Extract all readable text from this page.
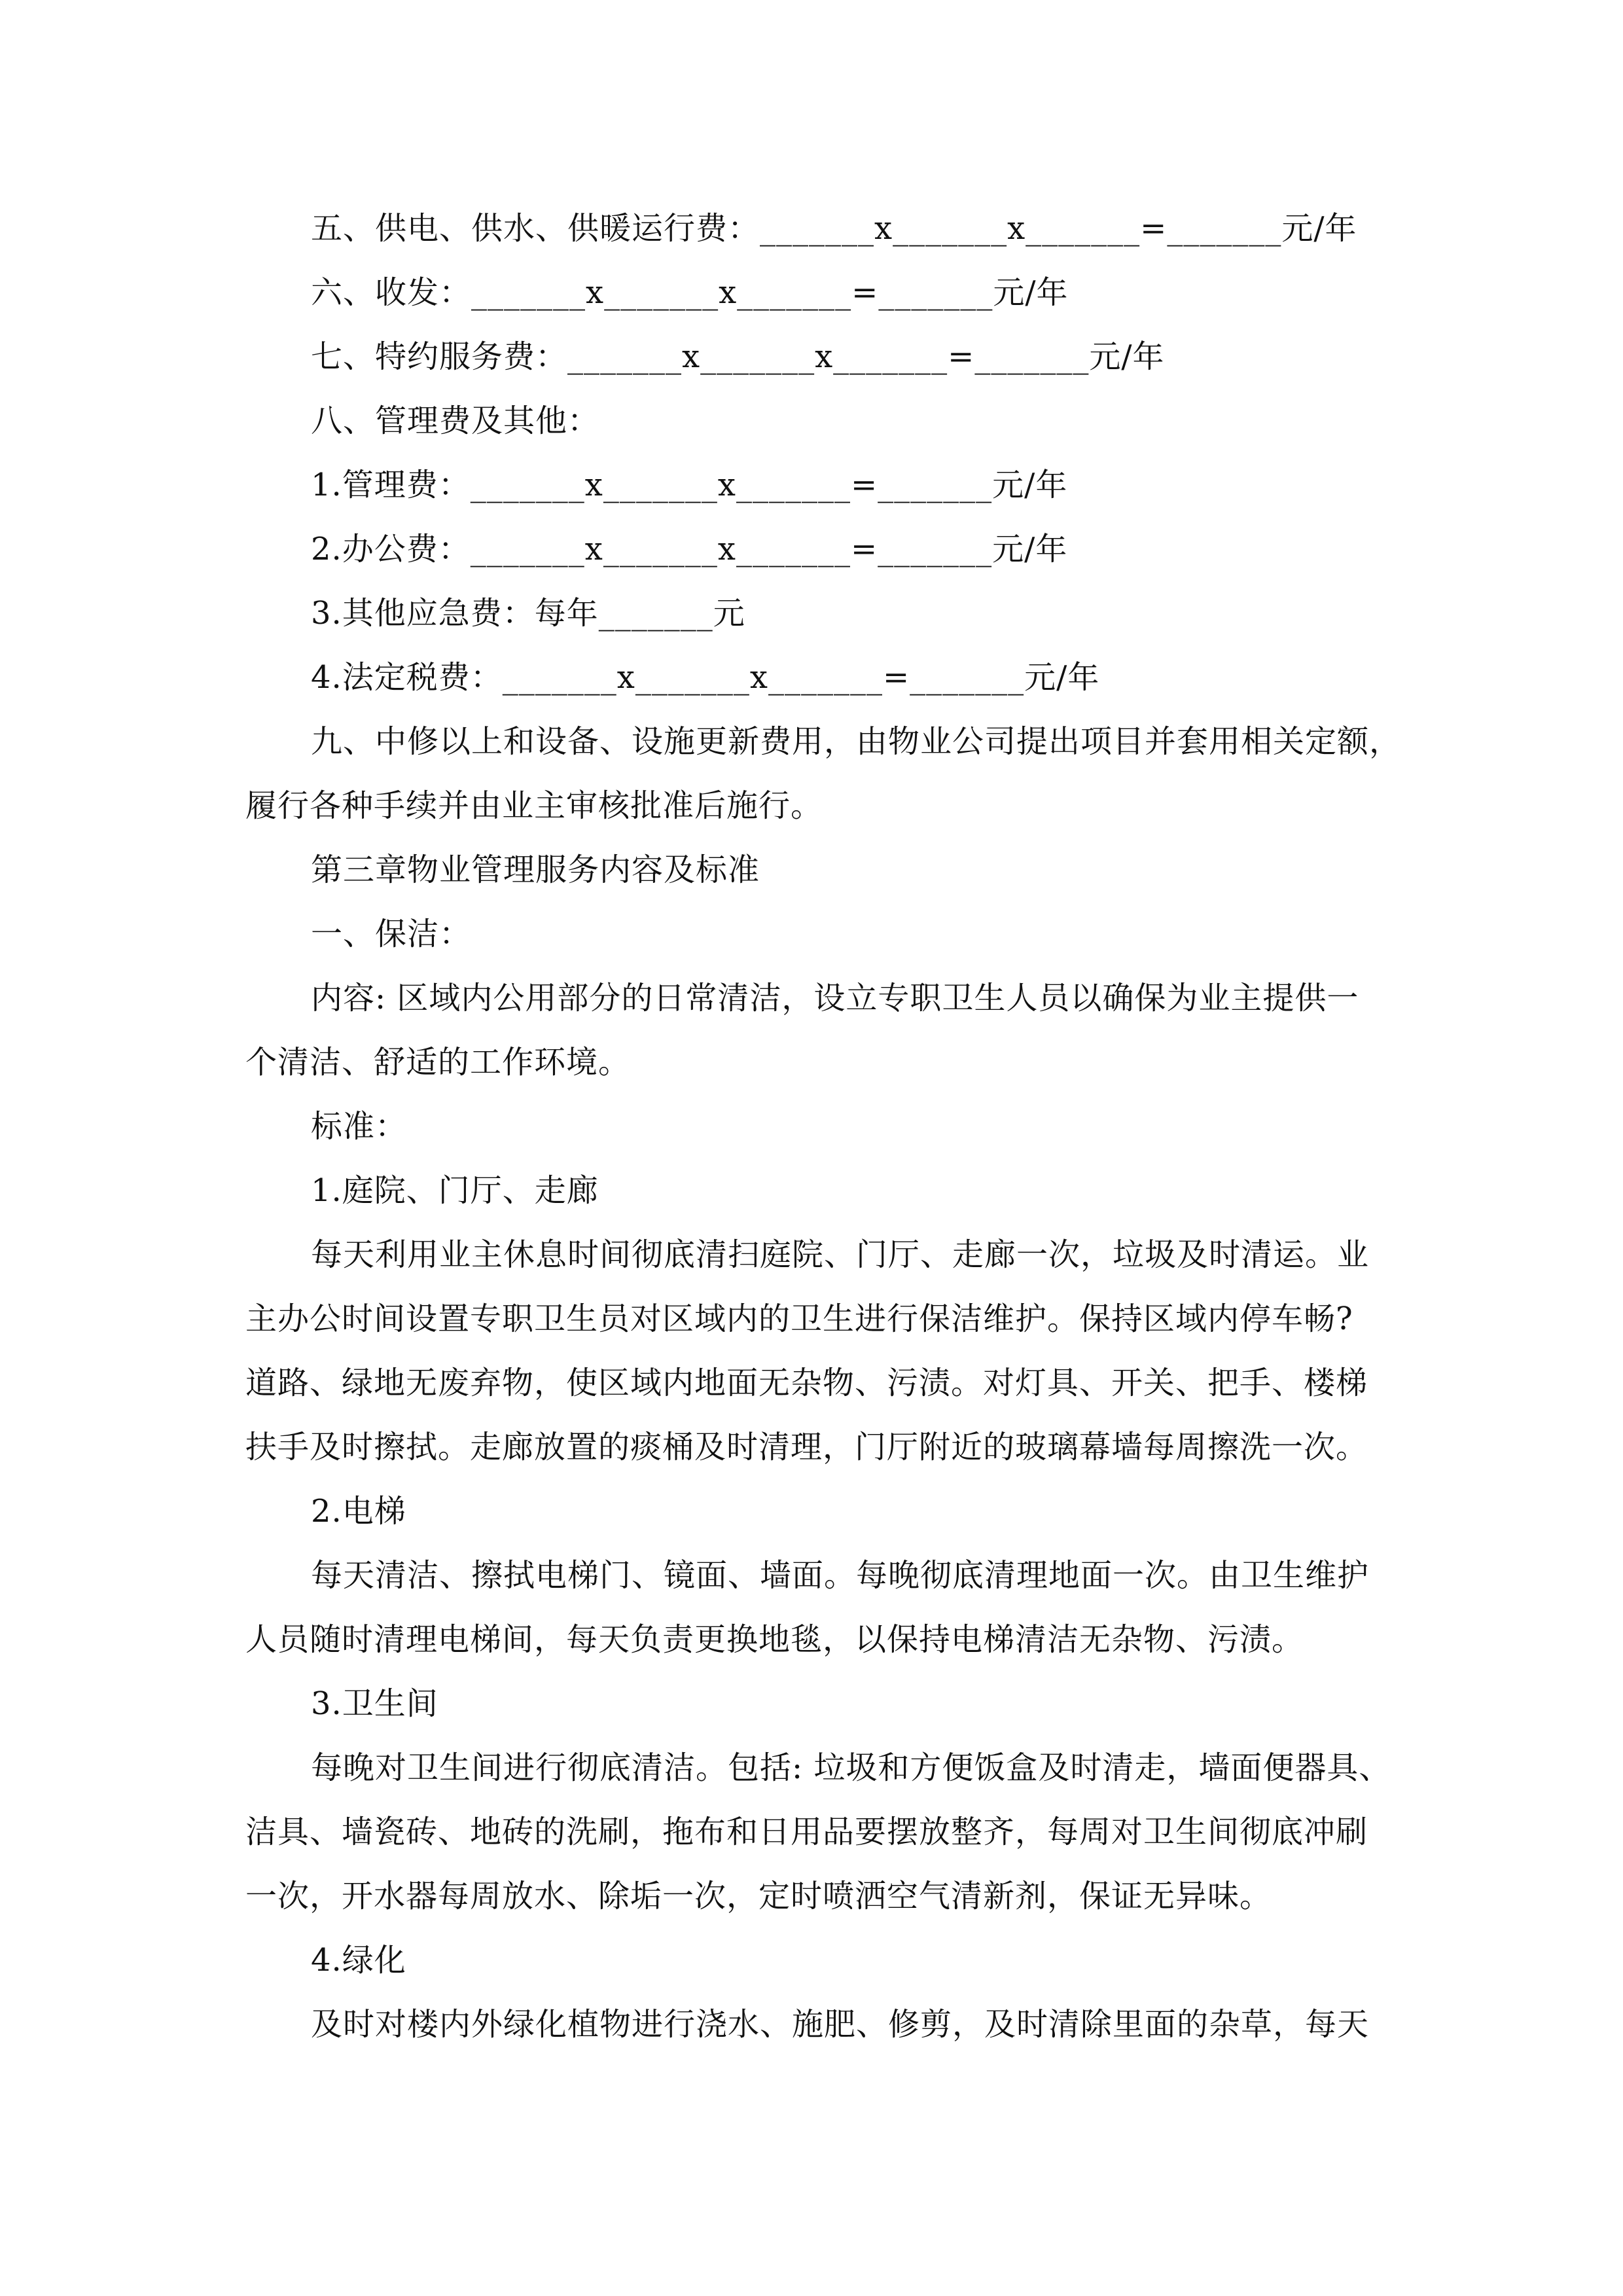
五、供电、供水、供暖运行费：_______x_______x_______=_______元/年
六、收发：_______x_______x_______=_______元/年
七、特约服务费：_______x_______x_______=_______元/年
八、管理费及其他：
1.管理费：_______x_______x_______=_______元/年
2.办公费：_______x_______x_______=_______元/年
3.其他应急费：每年_______元
4.法定税费：_______x_______x_______=_______元/年
九、中修以上和设备、设施更新费用，由物业公司提出项目并套用相关定额，
履行各种手续并由业主审核批准后施行。
第三章物业管理服务内容及标准
一、保洁：
内容: 区域内公用部分的日常清洁，设立专职卫生人员以确保为业主提供一
个清洁、舒适的工作环境。
标准：
1.庭院、门厅、走廊
每天利用业主休息时间彻底清扫庭院、门厅、走廊一次，垃圾及时清运。业
主办公时间设置专职卫生员对区域内的卫生进行保洁维护。保持区域内停车畅?
道路、绿地无废弃物，使区域内地面无杂物、污渍。对灯具、开关、把手、楼梯
扶手及时擦拭。走廊放置的痰桶及时清理，门厅附近的玻璃幕墙每周擦洗一次。
2.电梯
每天清洁、擦拭电梯门、镜面、墙面。每晚彻底清理地面一次。由卫生维护
人员随时清理电梯间，每天负责更换地毯，以保持电梯清洁无杂物、污渍。
3.卫生间
每晚对卫生间进行彻底清洁。包括: 垃圾和方便饭盒及时清走，墙面便器具、
洁具、墙瓷砖、地砖的洗刷，拖布和日用品要摆放整齐，每周对卫生间彻底冲刷
一次，开水器每周放水、除垢一次，定时喷洒空气清新剂，保证无异味。
4.绿化
及时对楼内外绿化植物进行浇水、施肥、修剪，及时清除里面的杂草，每天
